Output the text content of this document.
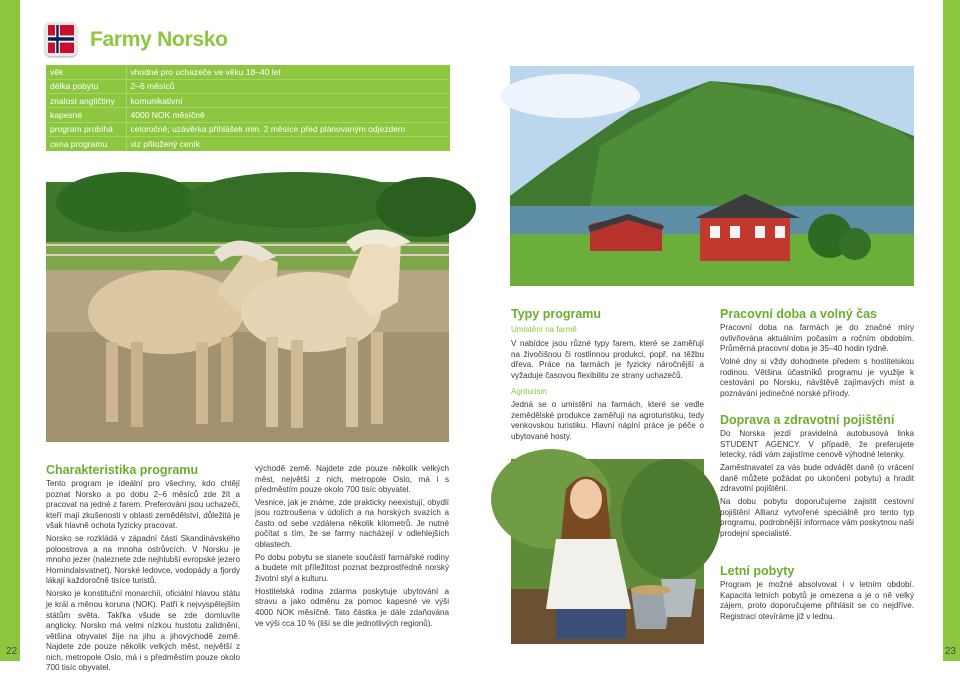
Farmy Norsko
věk	vhodné pro uchazeče ve věku 18–40 let
délka pobytu	2–6 měsíců
znalost angličtiny	komunikativní
kapesné	4000 NOK měsíčně
program probíhá	celoročně; uzávěrka přihlášek min. 2 měsíce před plánovaným odjezdem
cena programu	viz přiložený ceník
Charakteristika programu

Tento program je ideální pro všechny, kdo chtějí poznat Norsko a po dobu 2–6 měsíců zde žít a pracovat na jedné z farem. Preferováni jsou uchazeči, kteří mají zkušenosti v oblasti zemědělství, důležitá je však hlavně ochota fyzicky pracovat.

Norsko se rozkládá v západní části Skandinávského poloostrova a na mnoha ostrůvcích. V Norsku je mnoho jezer (naleznete zde nejhlubší evropské jezero Hornindalsvatnet). Norské ledovce, vodopády a fjordy lákají každoročně tisíce turistů.

Norsko je konstituční monarchií, oficiální hlavou státu je král a měnou koruna (NOK). Patří k nejvyspělejším státům světa. Takřka všude se zde domluvíte anglicky. Norsko má velmi nízkou hustotu zalidnění, většina obyvatel žije na jihu a jihovýchodě země. Najdete zde pouze několik velkých měst, největší z nich, metropole Oslo, má i s předměstím pouze okolo 700 tisíc obyvatel.

východě země. Najdete zde pouze několik velkých měst, největší z nich, metropole Oslo, má i s předměstím pouze okolo 700 tisíc obyvatel.

Vesnice, jak je známe, zde prakticky neexistují, obydlí jsou roztroušena v údolích a na horských svazích a často od sebe vzdálena několik kilometrů. Je nutné počítat s tím, že se farmy nacházejí v odlehlejších oblastech.

Po dobu pobytu se stanete součástí farmářské rodiny a budete mít příležitost poznat bezprostředně norský životní styl a kulturu.

Hostitelská rodina zdarma poskytuje ubytování a stravu a jako odměnu za pomoc kapesné ve výši 4000 NOK měsíčně. Tato částka je dále zdaňována ve výši cca 10 % (liší se dle jednotlivých regionů).

Typy programu
Umístění na farmě
V nabídce jsou různé typy farem, které se zaměřují na živočišnou či rostlinnou produkci, popř. na těžbu dřeva. Práce na farmách je fyzicky náročnější a vyžaduje časovou flexibilitu ze strany uchazečů.
Agriturism
Jedná se o umístění na farmách, které se vedle zemědělské produkce zaměřují na agroturistiku, tedy venkovskou turistiku. Hlavní náplní práce je péče o ubytované hosty.
Pracovní doba a volný čas

Pracovní doba na farmách je do značné míry ovlivňována aktuálním počasím a ročním obdobím. Průměrná pracovní doba je 35–40 hodin týdně.

Volné dny si vždy dohodnete předem s hostitelskou rodinou. Většina účastníků programu je využije k cestování po Norsku, návštěvě zajímavých míst a poznávání jedinečné norské přírody.

Doprava a zdravotní pojištění

Do Norska jezdí pravidelná autobusová linka STUDENT AGENCY. V případě, že preferujete letecky, rádi vám zajistíme cenově výhodné letenky.

Zaměstnavatel za vás bude odvádět daně (o vrácení daně můžete požádat po ukončení pobytu) a hradit zdravotní pojištění.

Na dobu pobytu doporučujeme zajistit cestovní pojištění Allianz vytvořené speciálně pro tento typ programu, podrobnější informace vám poskytnou naši prodejní specialisté.

Letní pobyty
Program je možné absolvovat i v letním období. Kapacita letních pobytů je omezena a je o ně velký zájem, proto doporučujeme přihlásit se co nejdříve. Registraci otevíráme již v lednu.
22	23
